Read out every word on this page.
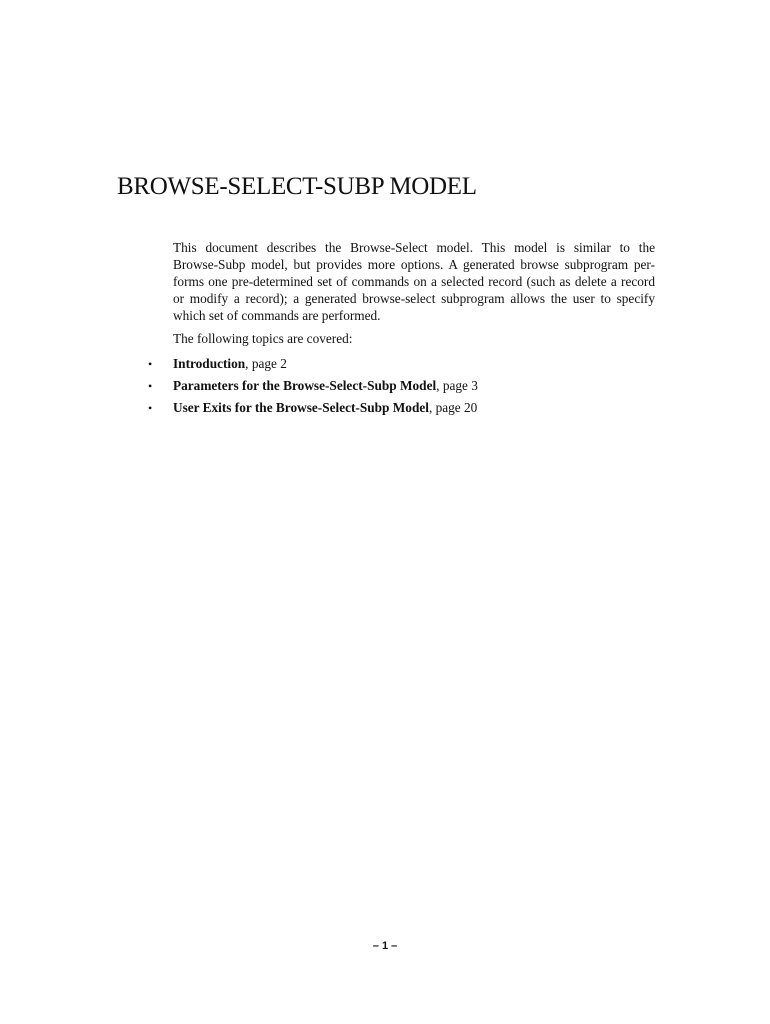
BROWSE-SELECT-SUBP MODEL

This document describes the Browse-Select model. This model is similar to the
Browse-Subp model, but provides more options. A generated browse subprogram per-
forms one pre-determined set of commands on a selected record (such as delete a record
or modify a record); a generated browse-select subprogram allows the user to specify
which set of commands are performed.

The following topics are covered:

•	Introduction, page 2
•	Parameters for the Browse-Select-Subp Model, page 3
•	User Exits for the Browse-Select-Subp Model, page 20
– 1 –
